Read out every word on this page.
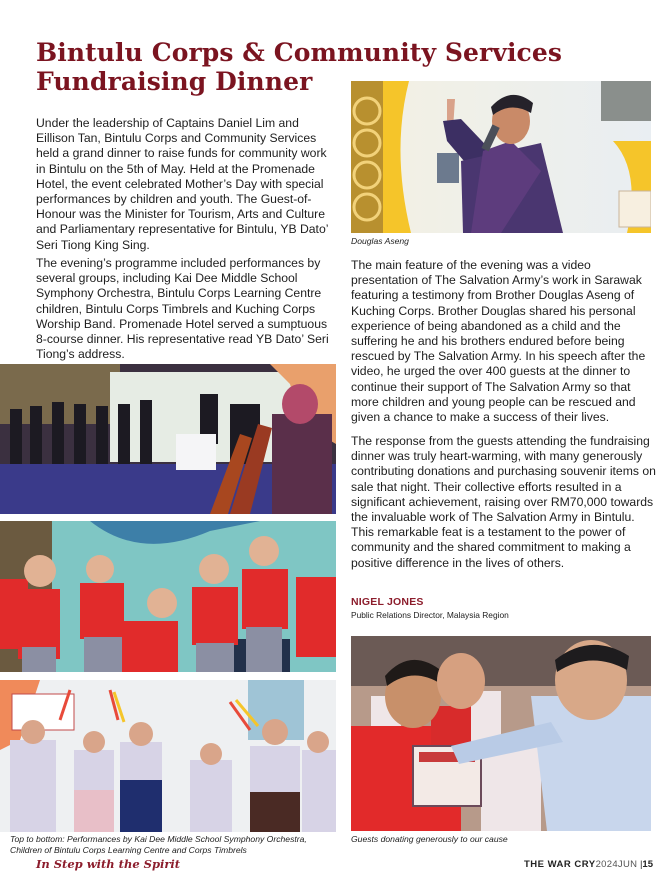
Bintulu Corps & Community Services Fundraising Dinner

Under the leadership of Captains Daniel Lim and Eillison Tan, Bintulu Corps and Community Services held a grand dinner to raise funds for community work in Bintulu on the 5th of May. Held at the Promenade Hotel, the event celebrated Mother’s Day with special performances by children and youth. The Guest-of-Honour was the Minister for Tourism, Arts and Culture and Parliamentary representative for Bintulu, YB Dato’ Seri Tiong King Sing.

The evening’s programme included performances by several groups, including Kai Dee Middle School Symphony Orchestra, Bintulu Corps Learning Centre children, Bintulu Corps Timbrels and Kuching Corps Worship Band. Promenade Hotel served a sumptuous 8-course dinner. His representative read YB Dato’ Seri Tiong’s address.

Douglas Aseng

The main feature of the evening was a video presentation of The Salvation Army’s work in Sarawak featuring a testimony from Brother Douglas Aseng of Kuching Corps. Brother Douglas shared his personal experience of being abandoned as a child and the suffering he and his brothers endured before being rescued by The Salvation Army. In his speech after the video, he urged the over 400 guests at the dinner to continue their support of The Salvation Army so that more children and young people can be rescued and given a chance to make a success of their lives.

The response from the guests attending the fundraising dinner was truly heart-warming, with many generously contributing donations and purchasing souvenir items on sale that night. Their collective efforts resulted in a significant achievement, raising over RM70,000 towards the invaluable work of The Salvation Army in Bintulu. This remarkable feat is a testament to the power of community and the shared commitment to making a positive difference in the lives of others.

NIGEL JONES
Public Relations Director, Malaysia Region
Top to bottom: Performances by Kai Dee Middle School Symphony Orchestra, Children of Bintulu Corps Learning Centre and Corps Timbrels
Guests donating generously to our cause
In Step with the Spirit	THE WAR CRY2024JUN |15
